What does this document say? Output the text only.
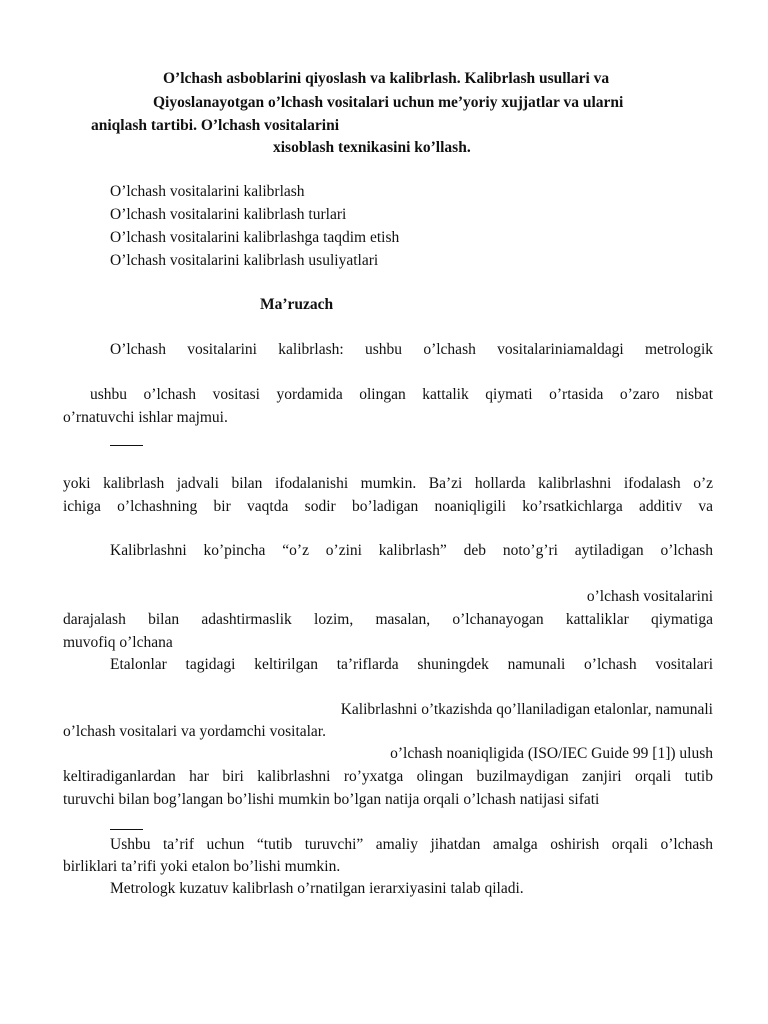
O’lchash asboblarini qiyoslash va kalibrlash. Kalibrlash usullari va
Qiyoslanayotgan o’lchash vositalari uchun me’yoriy xujjatlar va ularni
aniqlash tartibi. O’lchash vositalarini
xisoblash texnikasini ko’llash.
O’lchash vositalarini kalibrlash
O’lchash vositalarini kalibrlash turlari
O’lchash vositalarini kalibrlashga taqdim etish
O’lchash vositalarini kalibrlash usuliyatlari
Ma’ruzach
O’lchash vositalarini kalibrlash: ushbu o’lchash vositalariniamaldagi metrologik
ushbu o’lchash vositasi yordamida olingan kattalik qiymati o’rtasida o’zaro nisbat
o’rnatuvchi ishlar majmui.
yoki kalibrlash jadvali bilan ifodalanishi mumkin. Ba’zi hollarda kalibrlashni ifodalash o’z
ichiga o’lchashning bir vaqtda sodir bo’ladigan noaniqligili ko’rsatkichlarga additiv va
Kalibrlashni ko’pincha “o’z o’zini kalibrlash” deb noto’g’ri aytiladigan o’lchash
o’lchash vositalarini
darajalash bilan adashtirmaslik lozim, masalan, o’lchanayogan kattaliklar qiymatiga
muvofiq o’lchana
Etalonlar tagidagi keltirilgan ta’riflarda shuningdek namunali o’lchash vositalari
Kalibrlashni o’tkazishda qo’llaniladigan etalonlar, namunali
o’lchash vositalari va yordamchi vositalar.
o’lchash noaniqligida (ISO/IEC Guide 99 [1]) ulush
keltiradiganlardan har biri kalibrlashni ro’yxatga olingan buzilmaydigan zanjiri orqali tutib
turuvchi bilan bog’langan bo’lishi mumkin bo’lgan natija orqali o’lchash natijasi sifati
Ushbu ta’rif uchun “tutib turuvchi” amaliy jihatdan amalga oshirish orqali o’lchash
birliklari ta’rifi yoki etalon bo’lishi mumkin.
Metrologk kuzatuv kalibrlash o’rnatilgan ierarxiyasini talab qiladi.
